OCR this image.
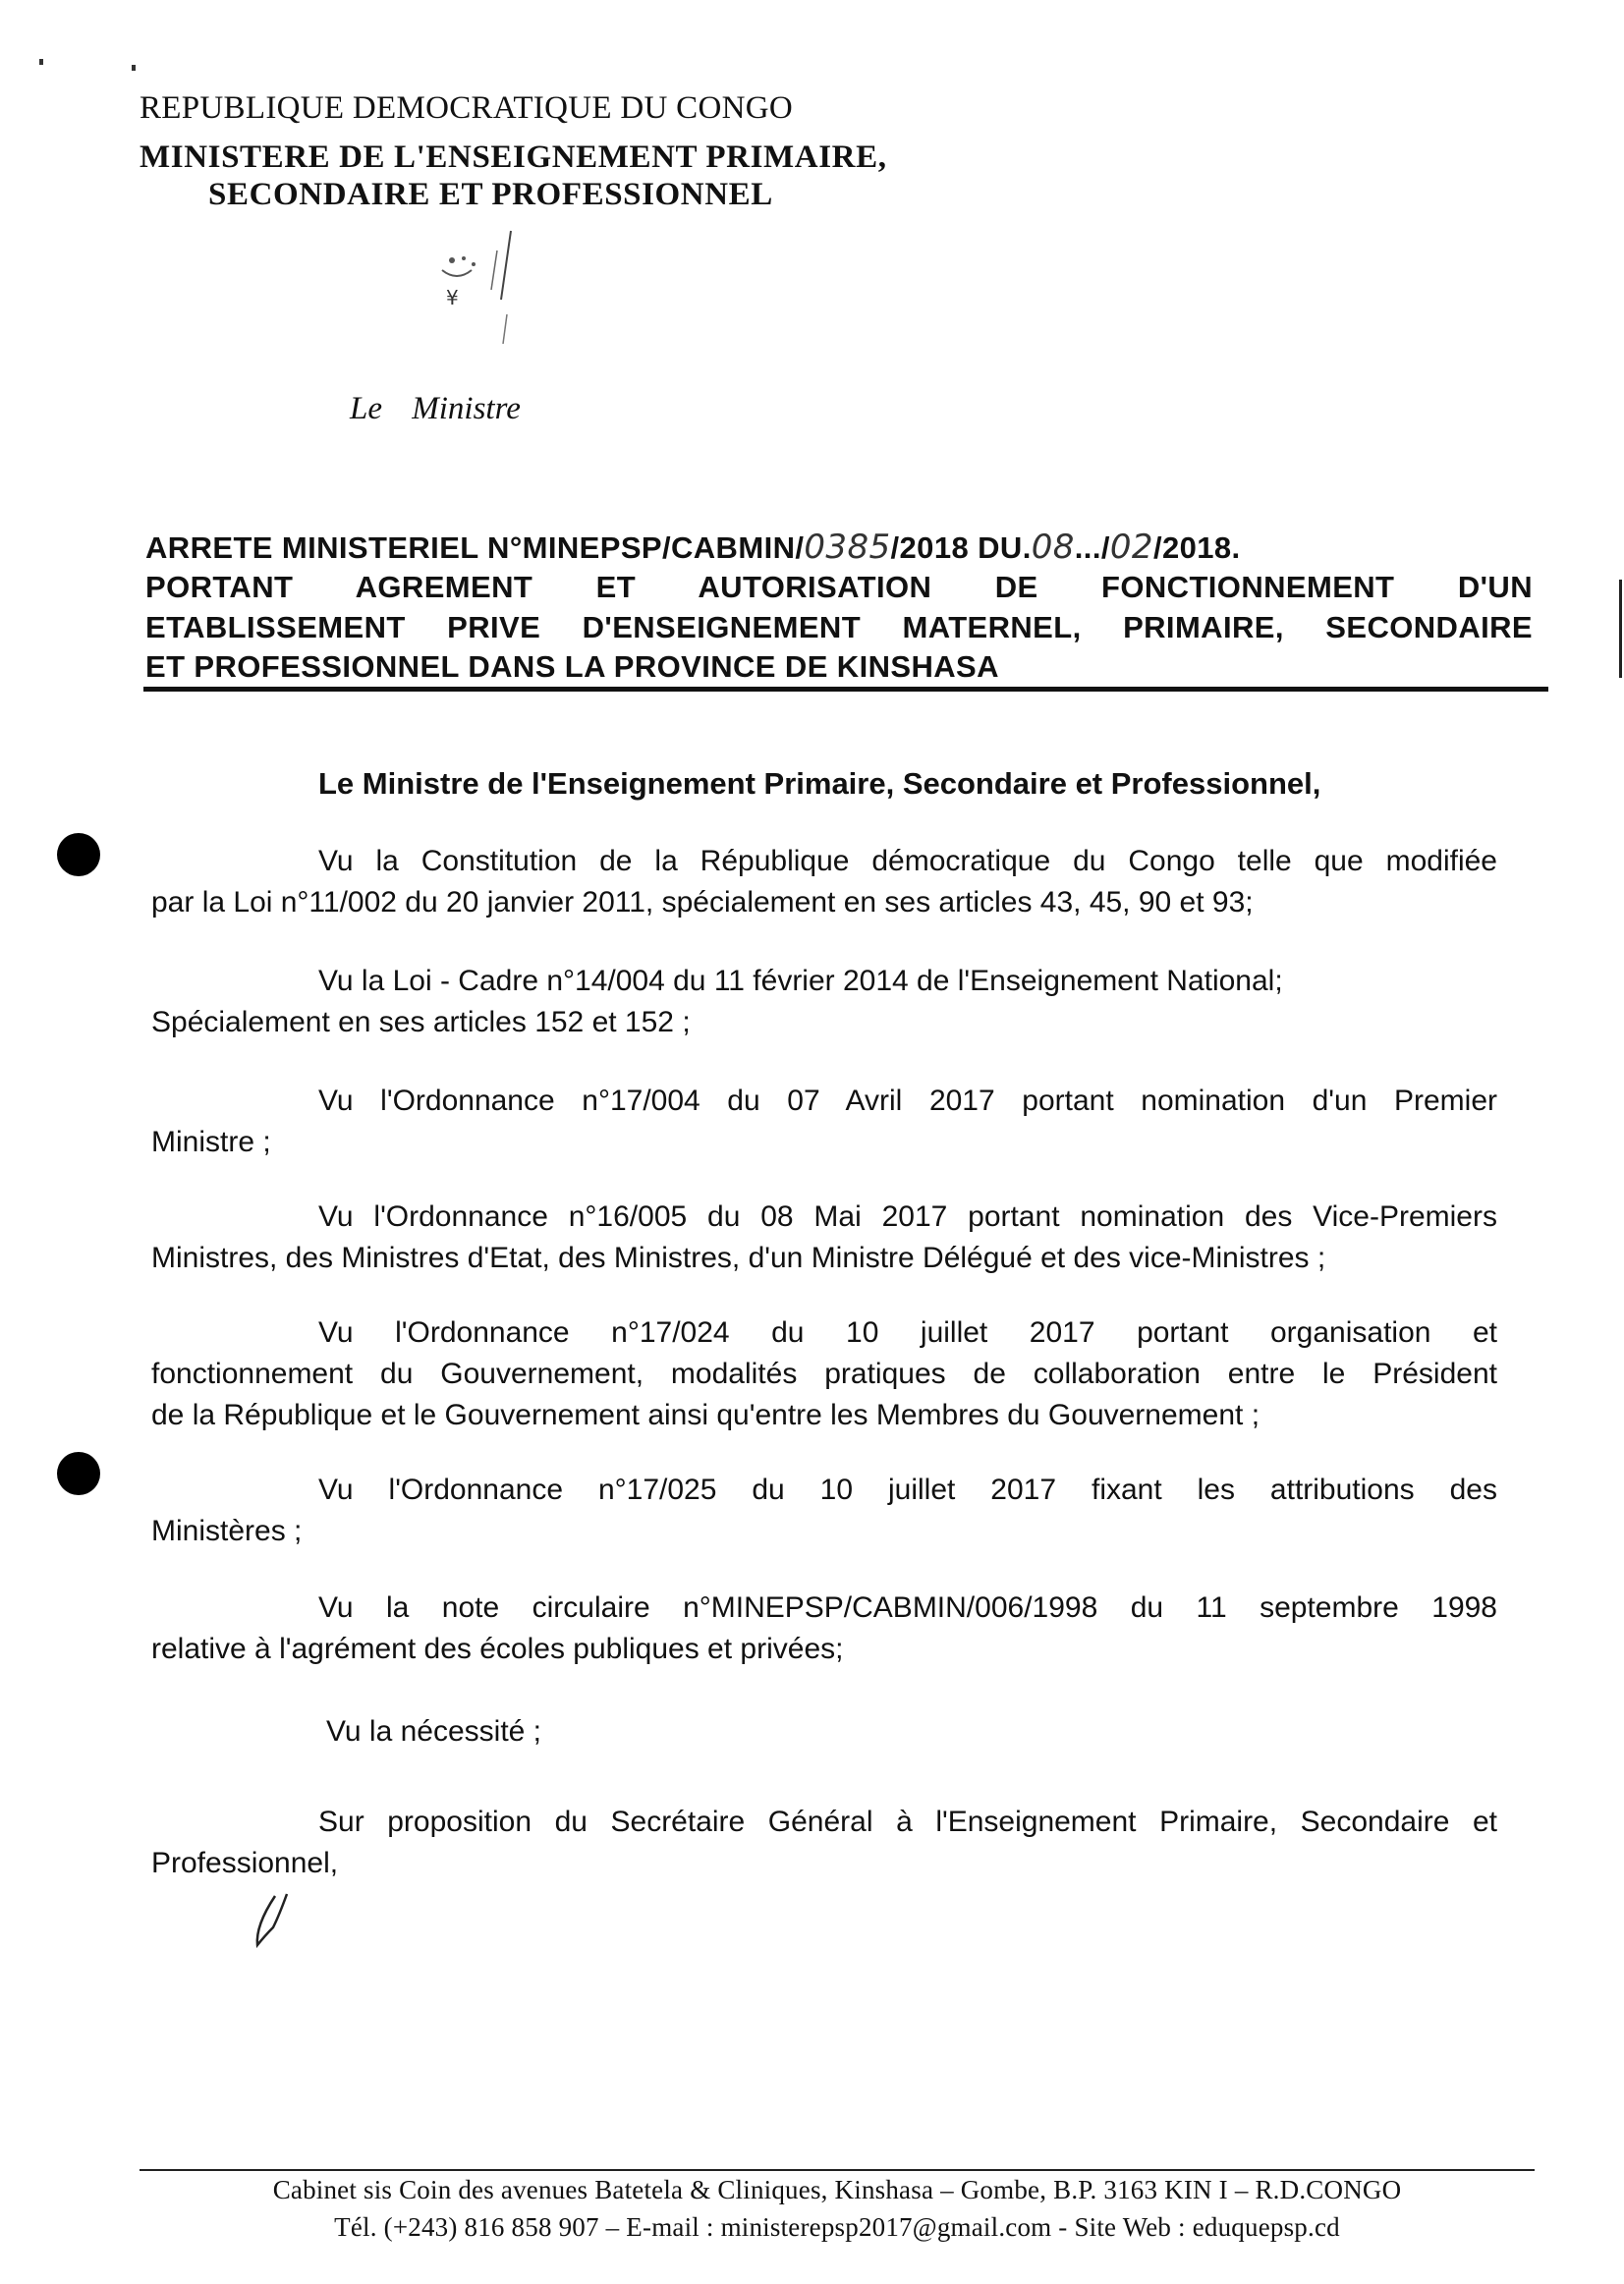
REPUBLIQUE DEMOCRATIQUE DU CONGO
MINISTERE DE L'ENSEIGNEMENT PRIMAIRE,
SECONDAIRE ET PROFESSIONNEL
¥
Le Ministre
ARRETE MINISTERIEL N°MINEPSP/CABMIN/0385/2018 DU.08.../02/2018.
PORTANT AGREMENT ET AUTORISATION DE FONCTIONNEMENT D'UN
ETABLISSEMENT PRIVE D'ENSEIGNEMENT MATERNEL, PRIMAIRE, SECONDAIRE
ET PROFESSIONNEL DANS LA PROVINCE DE KINSHASA
Le Ministre de l'Enseignement Primaire, Secondaire et Professionnel,
Vu la Constitution de la République démocratique du Congo telle que modifiée
par la Loi n°11/002 du 20 janvier 2011, spécialement en ses articles 43, 45, 90 et 93;
Vu la Loi - Cadre n°14/004 du 11 février 2014 de l'Enseignement National;
Spécialement en ses articles 152 et 152 ;
Vu l'Ordonnance n°17/004 du 07 Avril 2017 portant nomination d'un Premier
Ministre ;
Vu l'Ordonnance n°16/005 du 08 Mai 2017 portant nomination des Vice-Premiers
Ministres, des Ministres d'Etat, des Ministres, d'un Ministre Délégué et des vice-Ministres ;
Vu l'Ordonnance n°17/024 du 10 juillet 2017 portant organisation et
fonctionnement du Gouvernement, modalités pratiques de collaboration entre le Président
de la République et le Gouvernement ainsi qu'entre les Membres du Gouvernement ;
Vu l'Ordonnance n°17/025 du 10 juillet 2017 fixant les attributions des
Ministères ;
Vu la note circulaire n°MINEPSP/CABMIN/006/1998 du 11 septembre 1998
relative à l'agrément des écoles publiques et privées;
Vu la nécessité ;
Sur proposition du Secrétaire Général à l'Enseignement Primaire, Secondaire et
Professionnel,
Cabinet sis Coin des avenues Batetela & Cliniques, Kinshasa – Gombe, B.P. 3163 KIN I – R.D.CONGO
Tél. (+243) 816 858 907 – E-mail : ministerepsp2017@gmail.com - Site Web : eduquepsp.cd
